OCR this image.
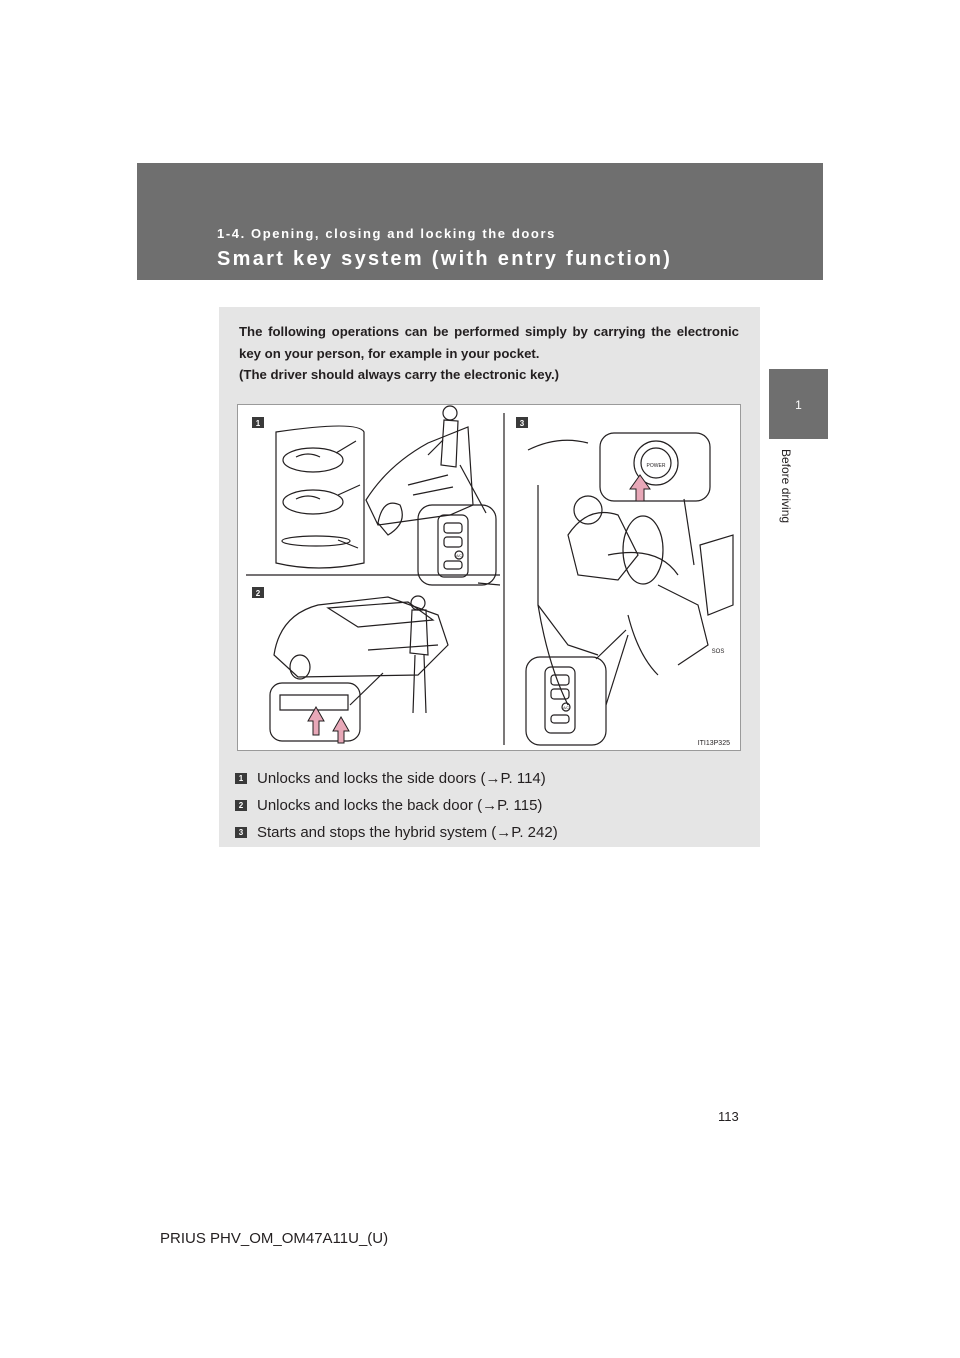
1-4. Opening, closing and locking the doors
Smart key system (with entry function)
1
Before driving

The following operations can be performed simply by carrying the electronic key on your person, for example in your pocket.

(The driver should always carry the electronic key.)

1
2
3
POWER
A/C
A/C
SOS
ITI13P325
1 Unlocks and locks the side doors (→P. 114)
2 Unlocks and locks the back door (→P. 115)
3 Starts and stops the hybrid system (→P. 242)
113
PRIUS PHV_OM_OM47A11U_(U)
